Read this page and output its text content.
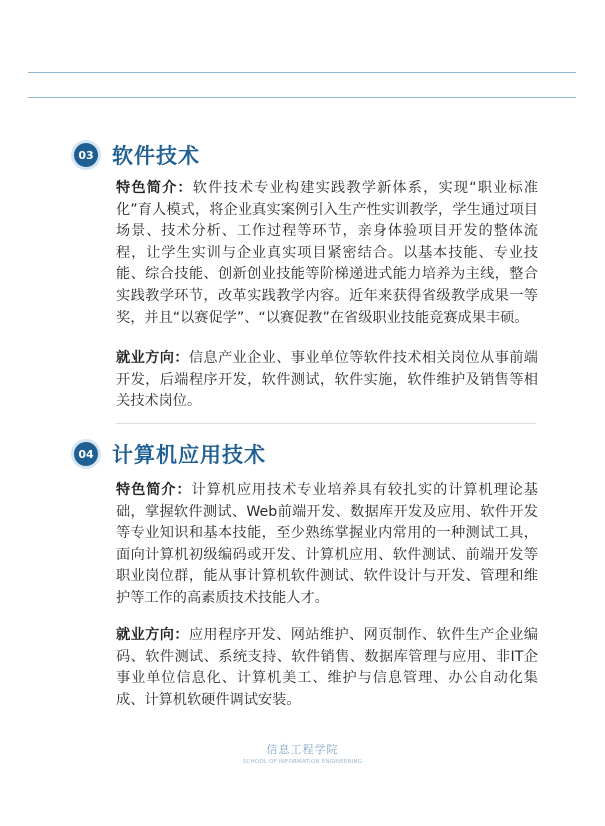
03 软件技术

特色简介：软件技术专业构建实践教学新体系，实现“职业标准化”育人模式，将企业真实案例引入生产性实训教学，学生通过项目场景、技术分析、工作过程等环节，亲身体验项目开发的整体流程，让学生实训与企业真实项目紧密结合。以基本技能、专业技能、综合技能、创新创业技能等阶梯递进式能力培养为主线，整合实践教学环节，改革实践教学内容。近年来获得省级教学成果一等奖，并且“以赛促学”、“以赛促教”在省级职业技能竞赛成果丰硕。

就业方向：信息产业企业、事业单位等软件技术相关岗位从事前端开发，后端程序开发，软件测试，软件实施，软件维护及销售等相关技术岗位。

04 计算机应用技术

特色简介：计算机应用技术专业培养具有较扎实的计算机理论基础，掌握软件测试、Web前端开发、数据库开发及应用、软件开发等专业知识和基本技能，至少熟练掌握业内常用的一种测试工具，面向计算机初级编码或开发、计算机应用、软件测试、前端开发等职业岗位群，能从事计算机软件测试、软件设计与开发、管理和维护等工作的高素质技术技能人才。

就业方向：应用程序开发、网站维护、网页制作、软件生产企业编码、软件测试、系统支持、软件销售、数据库管理与应用、非IT企事业单位信息化、计算机美工、维护与信息管理、办公自动化集成、计算机软硬件调试安装。

信息工程学院
SCHOOL OF INFORMATION ENGINEERING
